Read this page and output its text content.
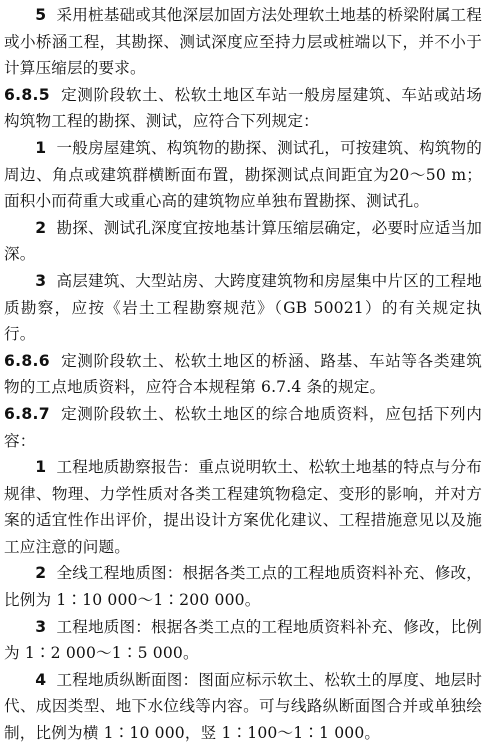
5 采用桩基础或其他深层加固方法处理软土地基的桥梁附属工程或小桥涵工程，其勘探、测试深度应至持力层或桩端以下，并不小于计算压缩层的要求。

6.8.5 定测阶段软土、松软土地区车站一般房屋建筑、车站或站场构筑物工程的勘探、测试，应符合下列规定：

1 一般房屋建筑、构筑物的勘探、测试孔，可按建筑、构筑物的周边、角点或建筑群横断面布置，勘探测试点间距宜为20～50 m；面积小而荷重大或重心高的建筑物应单独布置勘探、测试孔。

2 勘探、测试孔深度宜按地基计算压缩层确定，必要时应适当加深。

3 高层建筑、大型站房、大跨度建筑物和房屋集中片区的工程地质勘察，应按《岩土工程勘察规范》（GB 50021）的有关规定执行。

6.8.6 定测阶段软土、松软土地区的桥涵、路基、车站等各类建筑物的工点地质资料，应符合本规程第 6.7.4 条的规定。

6.8.7 定测阶段软土、松软土地区的综合地质资料，应包括下列内容：

1 工程地质勘察报告：重点说明软土、松软土地基的特点与分布规律、物理、力学性质对各类工程建筑物稳定、变形的影响，并对方案的适宜性作出评价，提出设计方案优化建议、工程措施意见以及施工应注意的问题。

2 全线工程地质图：根据各类工点的工程地质资料补充、修改，比例为 1∶10 000～1∶200 000。

3 工程地质图：根据各类工点的工程地质资料补充、修改，比例为 1∶2 000～1∶5 000。

4 工程地质纵断面图：图面应标示软土、松软土的厚度、地层时代、成因类型、地下水位线等内容。可与线路纵断面图合并或单独绘制，比例为横 1∶10 000，竖 1∶100～1∶1 000。
